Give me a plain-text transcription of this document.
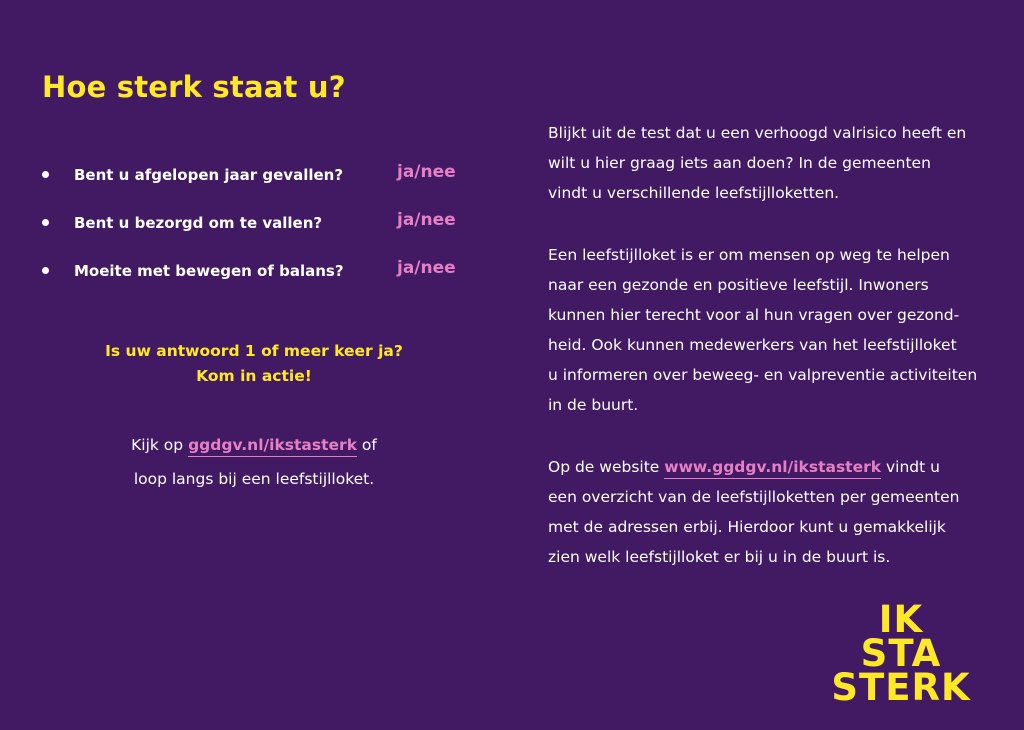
Hoe sterk staat u?
Bent u afgelopen jaar gevallen?	ja/nee
Bent u bezorgd om te vallen?	ja/nee
Moeite met bewegen of balans?	ja/nee
Is uw antwoord 1 of meer keer ja?
Kom in actie!
Kijk op ggdgv.nl/ikstasterk of
loop langs bij een leefstijlloket.
Blijkt uit de test dat u een verhoogd valrisico heeft en
wilt u hier graag iets aan doen? In de gemeenten
vindt u verschillende leefstijlloketten.
Een leefstijlloket is er om mensen op weg te helpen
naar een gezonde en positieve leefstijl. Inwoners
kunnen hier terecht voor al hun vragen over gezond-
heid. Ook kunnen medewerkers van het leefstijlloket
u informeren over beweeg- en valpreventie activiteiten
in de buurt.
Op de website www.ggdgv.nl/ikstasterk vindt u
een overzicht van de leefstijlloketten per gemeenten
met de adressen erbij. Hierdoor kunt u gemakkelijk
zien welk leefstijlloket er bij u in de buurt is.
IK
STA
STERK
